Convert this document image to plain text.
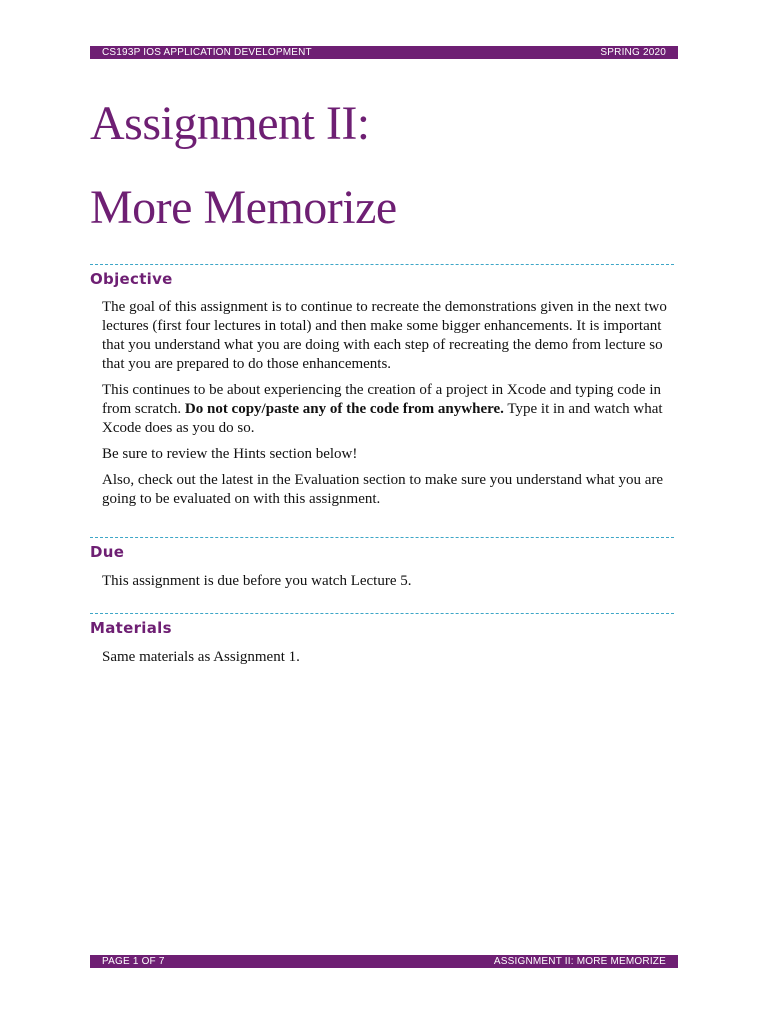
CS193P IOS APPLICATION DEVELOPMENT	SPRING 2020
Assignment II:
More Memorize
Objective

The goal of this assignment is to continue to recreate the demonstrations given in the next two lectures (first four lectures in total) and then make some bigger enhancements. It is important that you understand what you are doing with each step of recreating the demo from lecture so that you are prepared to do those enhancements.

This continues to be about experiencing the creation of a project in Xcode and typing code in from scratch. Do not copy/paste any of the code from anywhere. Type it in and watch what Xcode does as you do so.

Be sure to review the Hints section below!

Also, check out the latest in the Evaluation section to make sure you understand what you are going to be evaluated on with this assignment.

Due

This assignment is due before you watch Lecture 5.

Materials

Same materials as Assignment 1.

PAGE 1 OF 7	ASSIGNMENT II: MORE MEMORIZE
